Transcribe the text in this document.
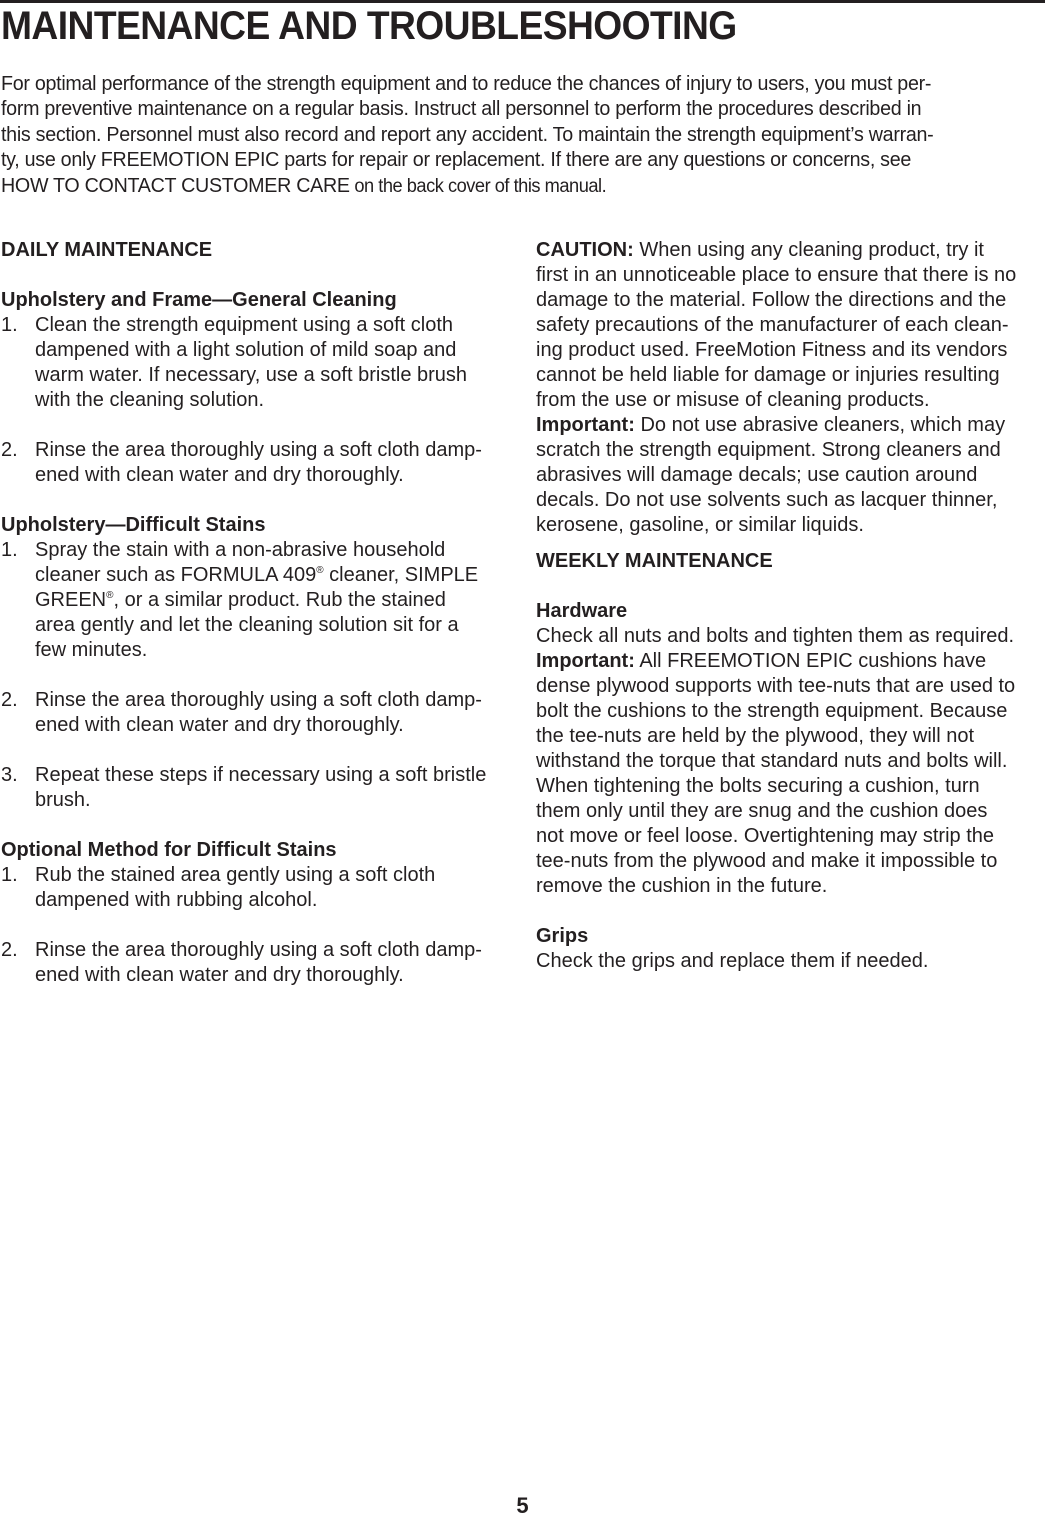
MAINTENANCE AND TROUBLESHOOTING
For optimal performance of the strength equipment and to reduce the chances of injury to users, you must per-
form preventive maintenance on a regular basis. Instruct all personnel to perform the procedures described in
this section. Personnel must also record and report any accident. To maintain the strength equipment’s warran-
ty, use only FREEMOTION EPIC parts for repair or replacement. If there are any questions or concerns, see
HOW TO CONTACT CUSTOMER CARE on the back cover of this manual.
DAILY MAINTENANCE
Upholstery and Frame—General Cleaning
1. Clean the strength equipment using a soft cloth
dampened with a light solution of mild soap and
warm water. If necessary, use a soft bristle brush
with the cleaning solution.
2. Rinse the area thoroughly using a soft cloth damp-
ened with clean water and dry thoroughly.
Upholstery—Difficult Stains
1. Spray the stain with a non-abrasive household
cleaner such as FORMULA 409® cleaner, SIMPLE
GREEN®, or a similar product. Rub the stained
area gently and let the cleaning solution sit for a
few minutes.
2. Rinse the area thoroughly using a soft cloth damp-
ened with clean water and dry thoroughly.
3. Repeat these steps if necessary using a soft bristle
brush.
Optional Method for Difficult Stains
1. Rub the stained area gently using a soft cloth
dampened with rubbing alcohol.
2. Rinse the area thoroughly using a soft cloth damp-
ened with clean water and dry thoroughly.
CAUTION: When using any cleaning product, try it
first in an unnoticeable place to ensure that there is no
damage to the material. Follow the directions and the
safety precautions of the manufacturer of each clean-
ing product used. FreeMotion Fitness and its vendors
cannot be held liable for damage or injuries resulting
from the use or misuse of cleaning products.
Important: Do not use abrasive cleaners, which may
scratch the strength equipment. Strong cleaners and
abrasives will damage decals; use caution around
decals. Do not use solvents such as lacquer thinner,
kerosene, gasoline, or similar liquids.
WEEKLY MAINTENANCE
Hardware
Check all nuts and bolts and tighten them as required.
Important: All FREEMOTION EPIC cushions have
dense plywood supports with tee-nuts that are used to
bolt the cushions to the strength equipment. Because
the tee-nuts are held by the plywood, they will not
withstand the torque that standard nuts and bolts will.
When tightening the bolts securing a cushion, turn
them only until they are snug and the cushion does
not move or feel loose. Overtightening may strip the
tee-nuts from the plywood and make it impossible to
remove the cushion in the future.
Grips
Check the grips and replace them if needed.
5
